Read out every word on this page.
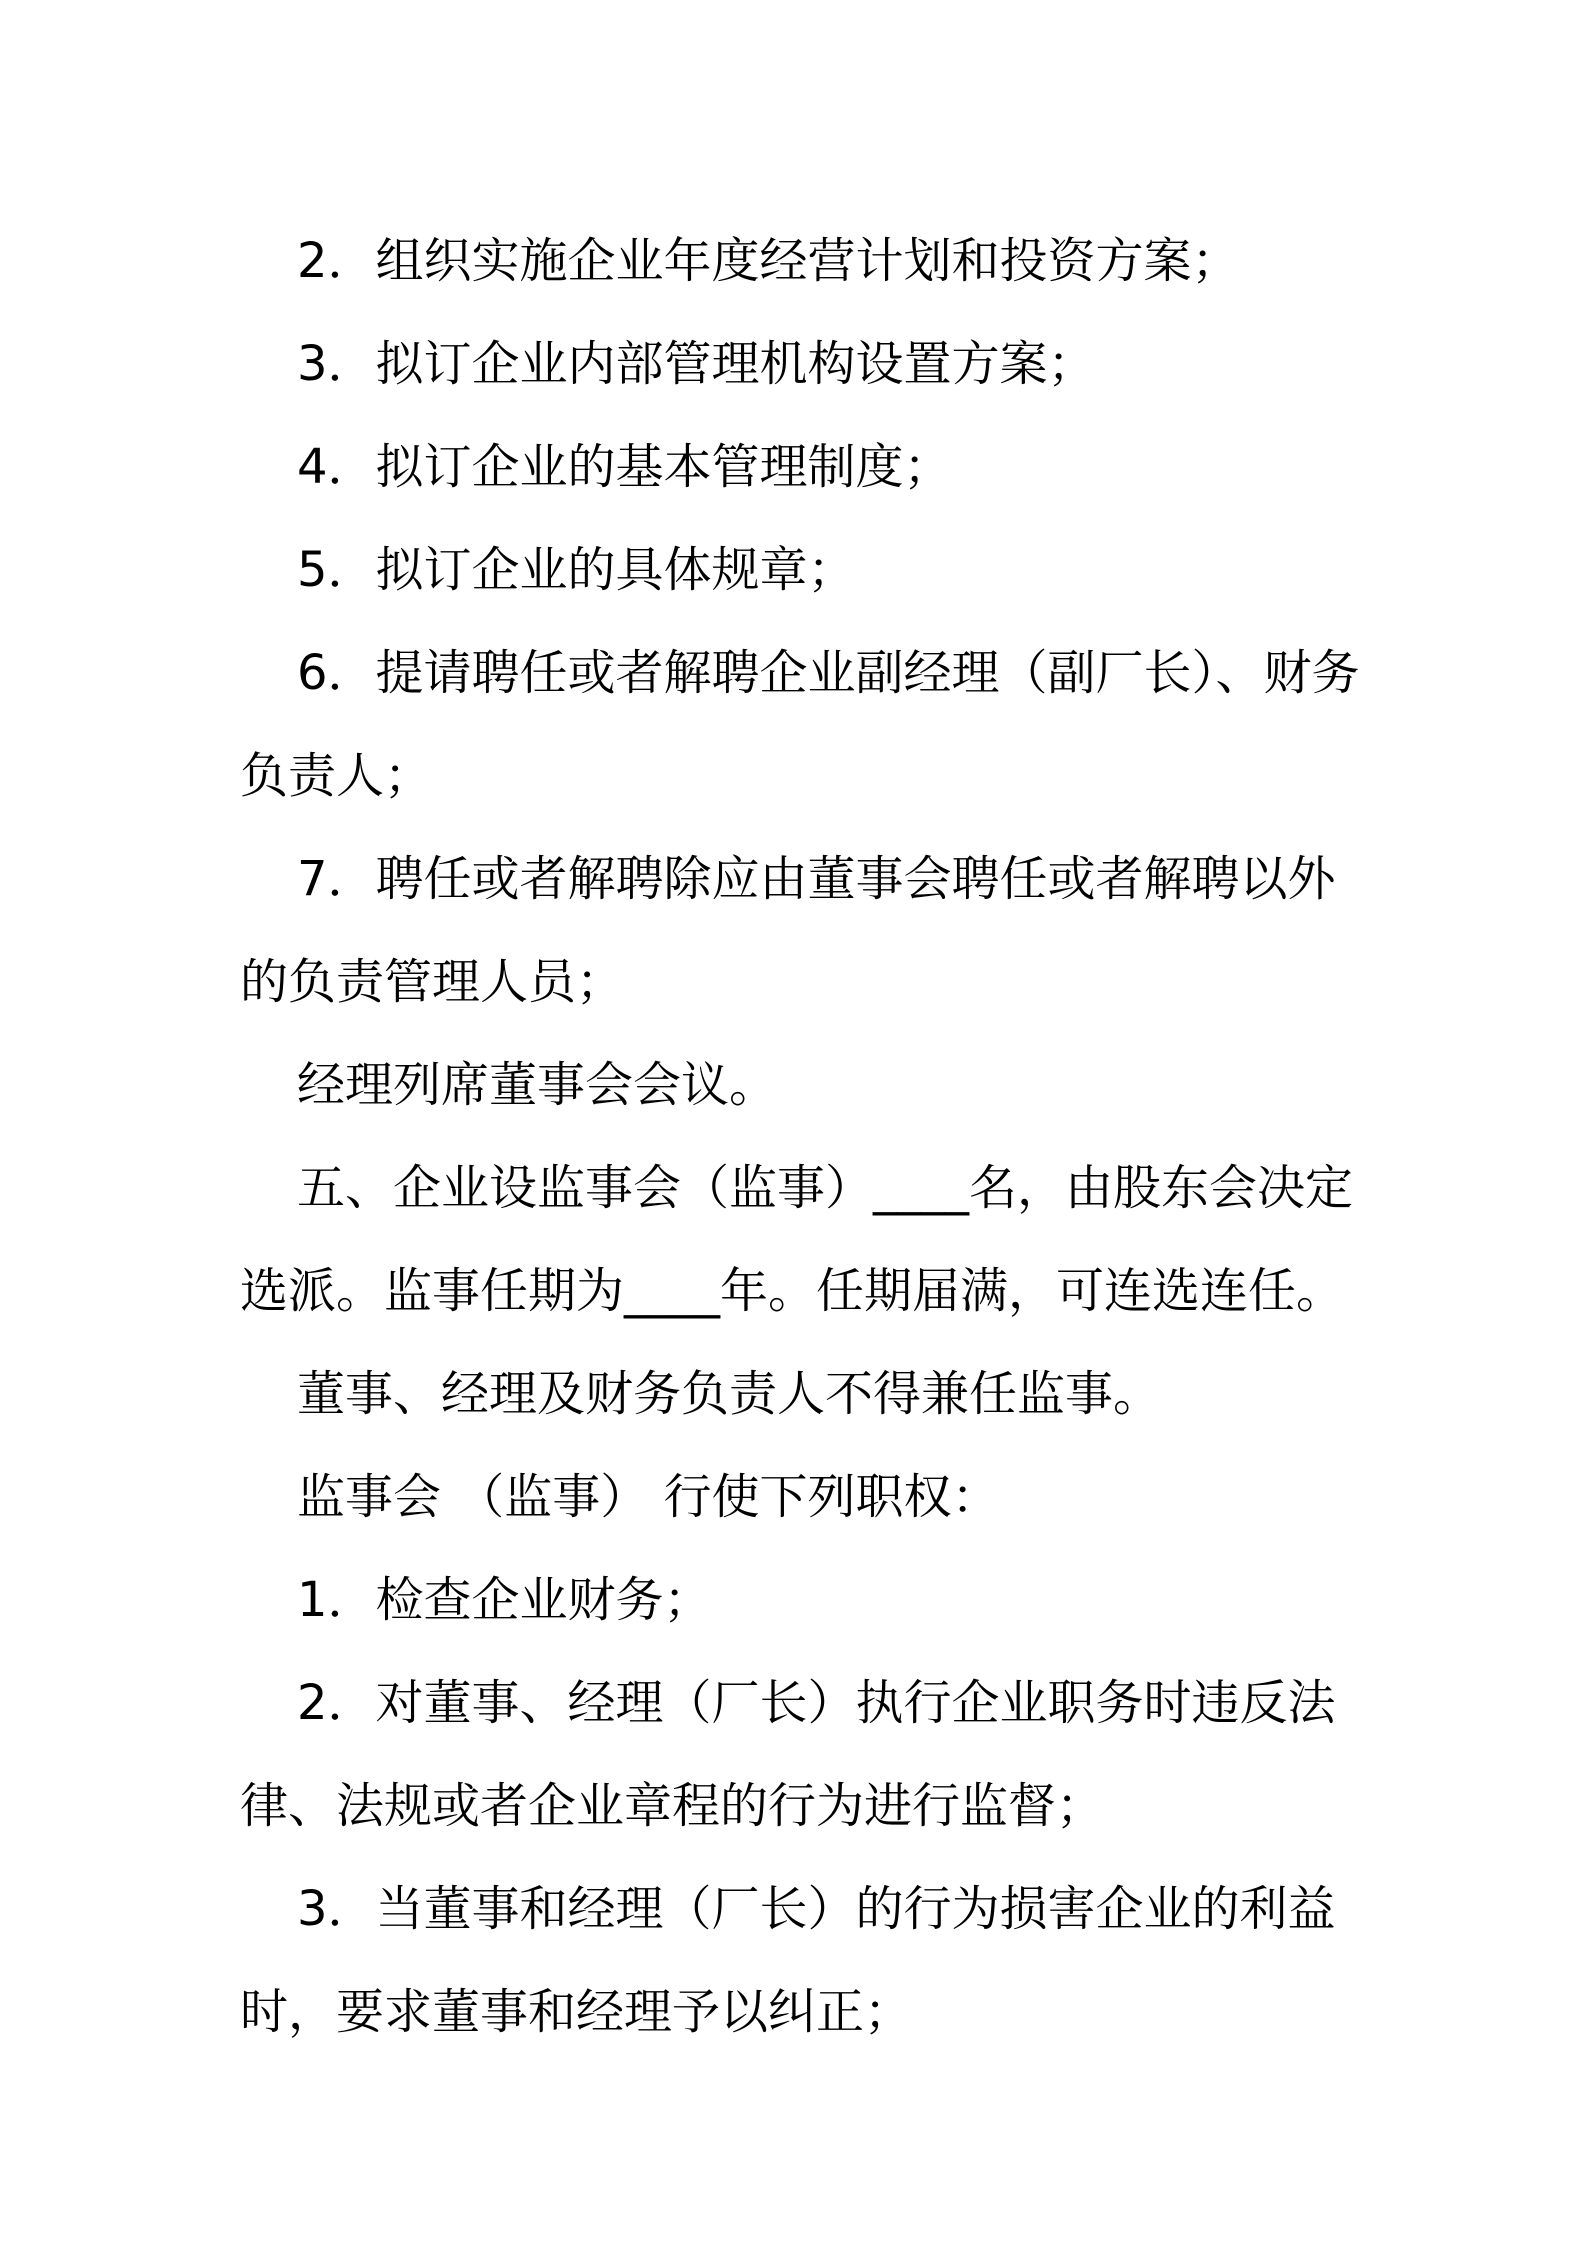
2．组织实施企业年度经营计划和投资方案；

3．拟订企业内部管理机构设置方案；

4．拟订企业的基本管理制度；

5．拟订企业的具体规章；

6．提请聘任或者解聘企业副经理（副厂长）、财务

负责人；

7．聘任或者解聘除应由董事会聘任或者解聘以外

的负责管理人员；

经理列席董事会会议。

五、企业设监事会（监事）____名，由股东会决定

选派。监事任期为____年。任期届满，可连选连任。

董事、经理及财务负责人不得兼任监事。

监事会 （监事） 行使下列职权：

1．检查企业财务；

2．对董事、经理（厂长）执行企业职务时违反法

律、法规或者企业章程的行为进行监督；

3．当董事和经理（厂长）的行为损害企业的利益

时，要求董事和经理予以纠正；
